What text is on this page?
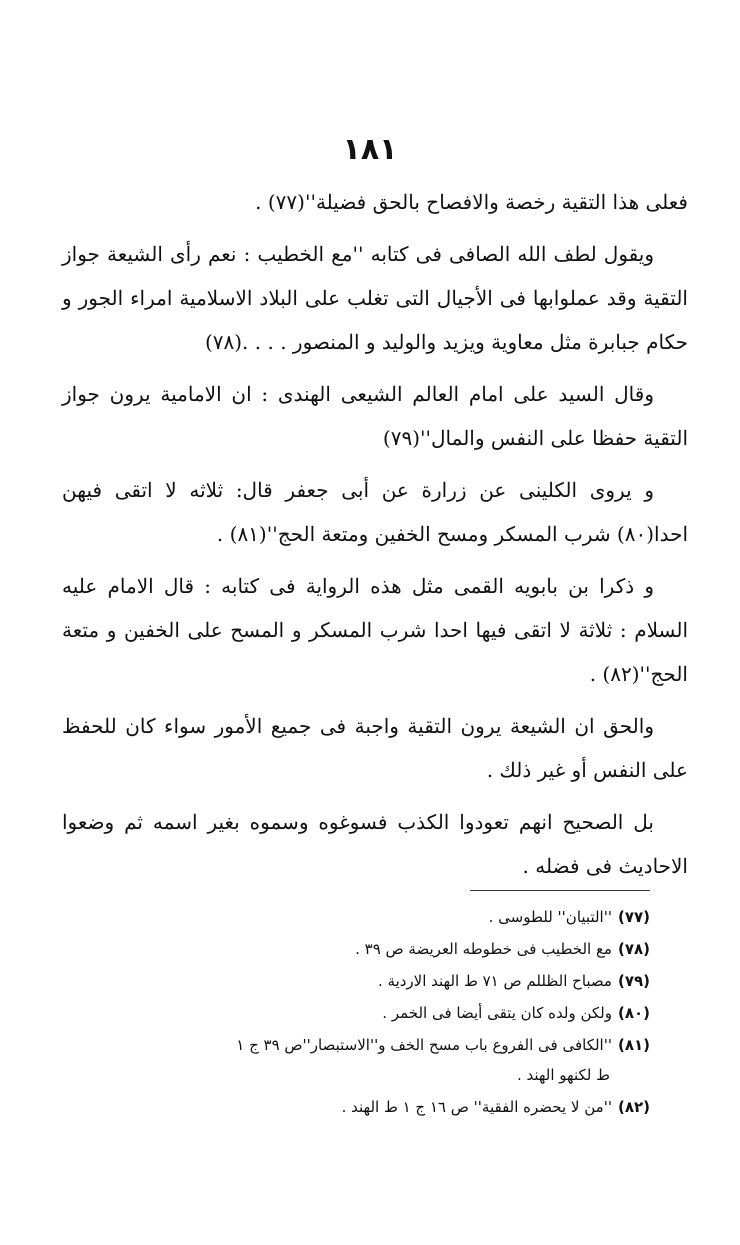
١٨١

فعلى هذا التقية رخصة والافصاح بالحق فضيلة''(٧٧) .

ويقول لطف الله الصافى فى كتابه ''مع الخطيب : نعم رأى الشيعة جواز التقية وقد عملوابها فى الأجيال التى تغلب على البلاد الاسلامية امراء الجور و حكام جبابرة مثل معاوية ويزيد والوليد و المنصور . . . .(٧٨)

وقال السيد على امام العالم الشيعى الهندى : ان الامامية يرون جواز التقية حفظا على النفس والمال''(٧٩)

و يروى الكلينى عن زرارة عن أبى جعفر قال: ثلاثه لا اتقى فيهن احدا(٨٠) شرب المسكر ومسح الخفين ومتعة الحج''(٨١) .

و ذكرا بن بابويه القمى مثل هذه الرواية فى كتابه : قال الامام عليه السلام : ثلاثة لا اتقى فيها احدا شرب المسكر و المسح على الخفين و متعة الحج''(٨٢) .

والحق ان الشيعة يرون التقية واجبة فى جميع الأمور سواء كان للحفظ على النفس أو غير ذلك .

بل الصحيح انهم تعودوا الكذب فسوغوه وسموه بغير اسمه ثم وضعوا الاحاديث فى فضله .

(٧٧)''التبيان'' للطوسى .
(٧٨)مع الخطيب فى خطوطه العريضة ص ٣٩ .
(٧٩)مصباح الظللم ص ٧١ ط الهند الاردية .
(٨٠)ولكن ولده كان يتقى أيضا فى الخمر .
(٨١)''الكافى فى الفروع باب مسح الخف و''الاستبصار''ص ٣٩ ج ١
ط لكنهو الهند .
(٨٢)''من لا يحضره الفقية'' ص ١٦ ج ١ ط الهند .
